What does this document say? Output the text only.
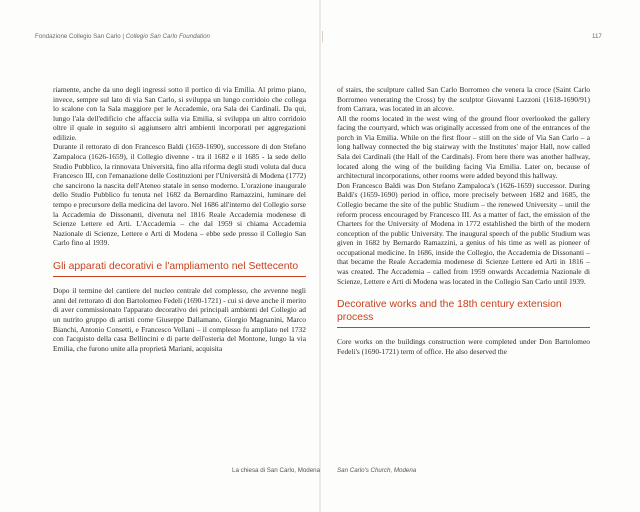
Fondazione Collegio San Carlo | Collegio San Carlo Foundation	117

riamente, anche da uno degli ingressi sotto il portico di via Emilia. Al primo piano, invece, sempre sul lato di via San Carlo, si sviluppa un lungo corridoio che collega lo scalone con la Sala maggiore per le Accademie, ora Sala dei Cardinali. Da qui, lungo l'ala dell'edificio che affaccia sulla via Emilia, si sviluppa un altro corridoio oltre il quale in seguito si aggiunsero altri ambienti incorporati per aggregazioni edilizie.

Durante il rettorato di don Francesco Baldi (1659-1690), successore di don Stefano Zampaloca (1626-1659), il Collegio divenne - tra il 1682 e il 1685 - la sede dello Studio Pubblico, la rinnovata Università, fino alla riforma degli studi voluta dal duca Francesco III, con l'emanazione delle Costituzioni per l'Università di Modena (1772) che sancirono la nascita dell'Ateneo statale in senso moderno. L'orazione inaugurale dello Studio Pubblico fu tenuta nel 1682 da Bernardino Ramazzini, luminare del tempo e precursore della medicina del lavoro. Nel 1686 all'interno del Collegio sorse la Accademia de Dissonanti, divenuta nel 1816 Reale Accademia modenese di Scienze Lettere ed Arti. L'Accademia – che dal 1959 si chiama Accademia Nazionale di Scienze, Lettere e Arti di Modena – ebbe sede presso il Collegio San Carlo fino al 1939.

Gli apparati decorativi e l'ampliamento nel Settecento

Dopo il termine del cantiere del nucleo centrale del complesso, che avvenne negli anni del rettorato di don Bartolomeo Fedeli (1690-1721) - cui si deve anche il merito di aver commissionato l'apparato decorativo dei principali ambienti del Collegio ad un nutrito gruppo di artisti come Giuseppe Dallamano, Giorgio Magnanini, Marco Bianchi, Antonio Consetti, e Francesco Vellani – il complesso fu ampliato nel 1732 con l'acquisto della casa Bellincini e di parte dell'osteria del Montone, lungo la via Emilia, che furono unite alla proprietà Mariani, acquisita

of stairs, the sculpture called San Carlo Borromeo che venera la croce (Saint Carlo Borromeo venerating the Cross) by the sculptor Giovanni Lazzoni (1618-1690/91) from Carrara, was located in an alcove.

All the rooms located in the west wing of the ground floor overlooked the gallery facing the courtyard, which was originally accessed from one of the entrances of the porch in Via Emilia. While on the first floor – still on the side of Via San Carlo – a long hallway connected the big stairway with the Institutes' major Hall, now called Sala dei Cardinali (the Hall of the Cardinals). From here there was another hallway, located along the wing of the building facing Via Emilia. Later on, because of architectural incorporations, other rooms were added beyond this hallway.

Don Francesco Baldi was Don Stefano Zampaloca's (1626-1659) successor. During Baldi's (1659-1690) period in office, more precisely between 1682 and 1685, the Collegio became the site of the public Studium – the renewed University – until the reform process encouraged by Francesco III. As a matter of fact, the emission of the Charters for the University of Modena in 1772 established the birth of the modern conception of the public University. The inaugural speech of the public Studium was given in 1682 by Bernardo Ramazzini, a genius of his time as well as pioneer of occupational medicine. In 1686, inside the Collegio, the Accademia de Dissonanti – that became the Reale Accademia modenese di Scienze Lettere ed Arti in 1816 – was created. The Accademia – called from 1959 onwards Accademia Nazionale di Scienze, Lettere e Arti di Modena was located in the Collegio San Carlo until 1939.

Decorative works and the 18th century extension process

Core works on the buildings construction were completed under Don Bartolomeo Fedeli's (1690-1721) term of office. He also deserved the

La chiesa di San Carlo, Modena	San Carlo's Church, Modena
